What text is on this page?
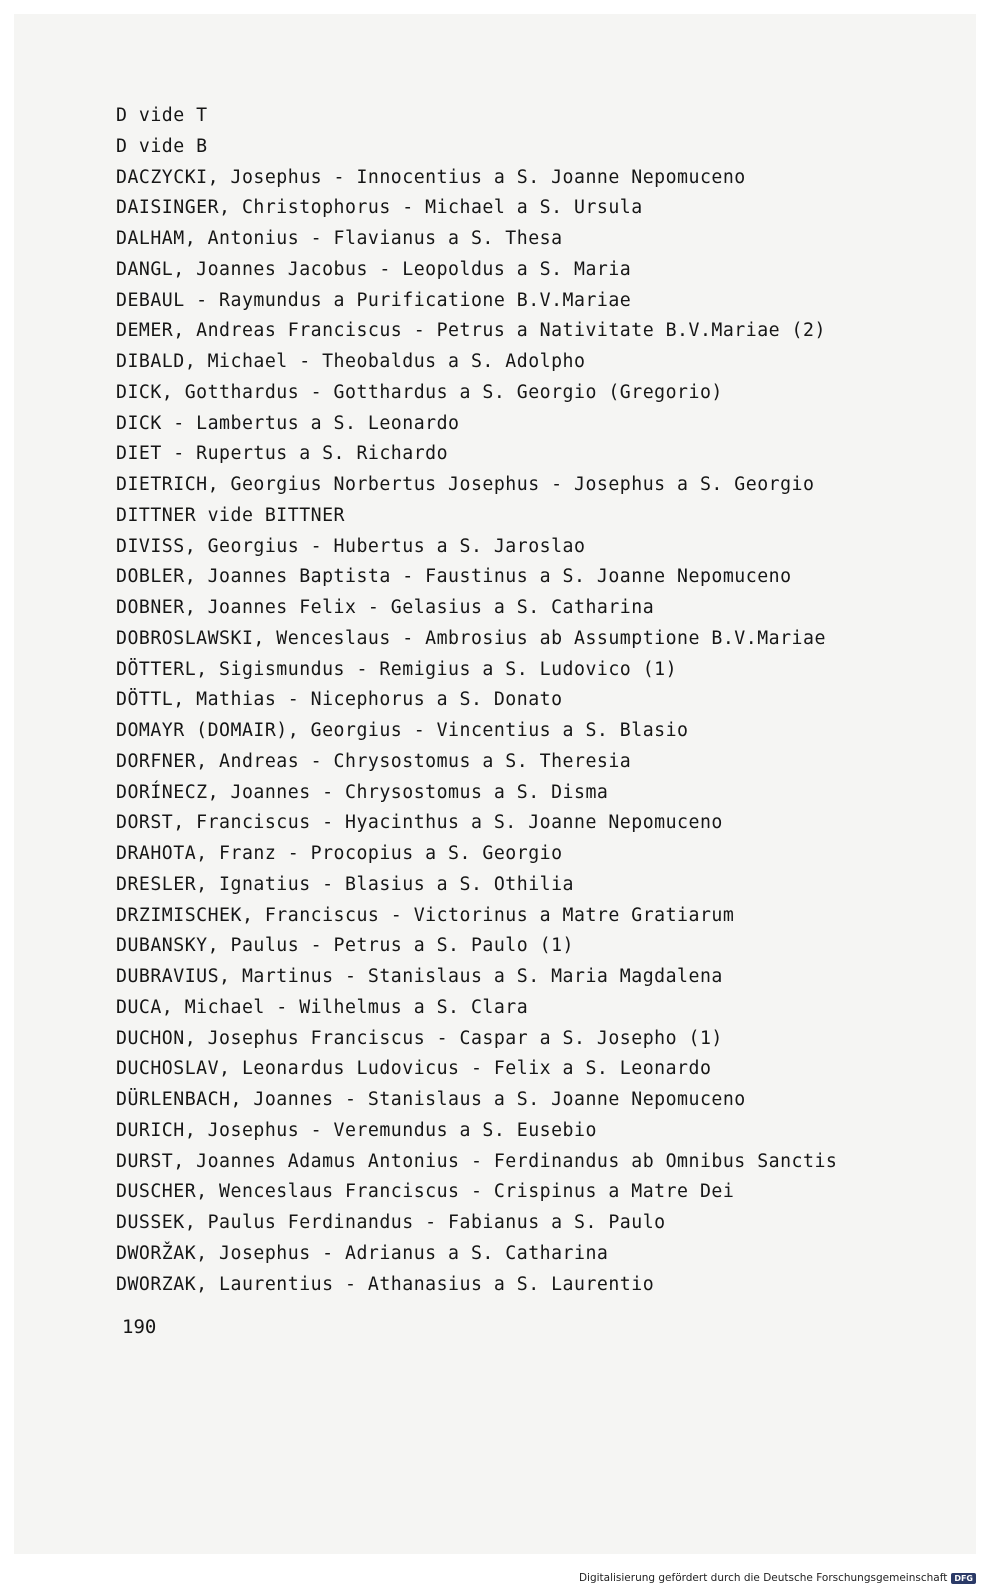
D vide T
D vide B
DACZYCKI, Josephus - Innocentius a S. Joanne Nepomuceno
DAISINGER, Christophorus - Michael a S. Ursula
DALHAM, Antonius - Flavianus a S. Thesa
DANGL, Joannes Jacobus - Leopoldus a S. Maria
DEBAUL - Raymundus a Purificatione B.V.Mariae
DEMER, Andreas Franciscus - Petrus a Nativitate B.V.Mariae (2)
DIBALD, Michael - Theobaldus a S. Adolpho
DICK, Gotthardus - Gotthardus a S. Georgio (Gregorio)
DICK - Lambertus a S. Leonardo
DIET - Rupertus a S. Richardo
DIETRICH, Georgius Norbertus Josephus - Josephus a S. Georgio
DITTNER vide BITTNER
DIVISS, Georgius - Hubertus a S. Jaroslao
DOBLER, Joannes Baptista - Faustinus a S. Joanne Nepomuceno
DOBNER, Joannes Felix - Gelasius a S. Catharina
DOBROSLAWSKI, Wenceslaus - Ambrosius ab Assumptione B.V.Mariae
DÖTTERL, Sigismundus - Remigius a S. Ludovico (1)
DÖTTL, Mathias - Nicephorus a S. Donato
DOMAYR (DOMAIR), Georgius - Vincentius a S. Blasio
DORFNER, Andreas - Chrysostomus a S. Theresia
DORÍNECZ, Joannes - Chrysostomus a S. Disma
DORST, Franciscus - Hyacinthus a S. Joanne Nepomuceno
DRAHOTA, Franz - Procopius a S. Georgio
DRESLER, Ignatius - Blasius a S. Othilia
DRZIMISCHEK, Franciscus - Victorinus a Matre Gratiarum
DUBANSKY, Paulus - Petrus a S. Paulo (1)
DUBRAVIUS, Martinus - Stanislaus a S. Maria Magdalena
DUCA, Michael - Wilhelmus a S. Clara
DUCHON, Josephus Franciscus - Caspar a S. Josepho (1)
DUCHOSLAV, Leonardus Ludovicus - Felix a S. Leonardo
DÜRLENBACH, Joannes - Stanislaus a S. Joanne Nepomuceno
DURICH, Josephus - Veremundus a S. Eusebio
DURST, Joannes Adamus Antonius - Ferdinandus ab Omnibus Sanctis
DUSCHER, Wenceslaus Franciscus - Crispinus a Matre Dei
DUSSEK, Paulus Ferdinandus - Fabianus a S. Paulo
DWORŽAK, Josephus - Adrianus a S. Catharina
DWORZAK, Laurentius - Athanasius a S. Laurentio
190
Digitalisierung gefördert durch die Deutsche Forschungsgemeinschaft DFG
